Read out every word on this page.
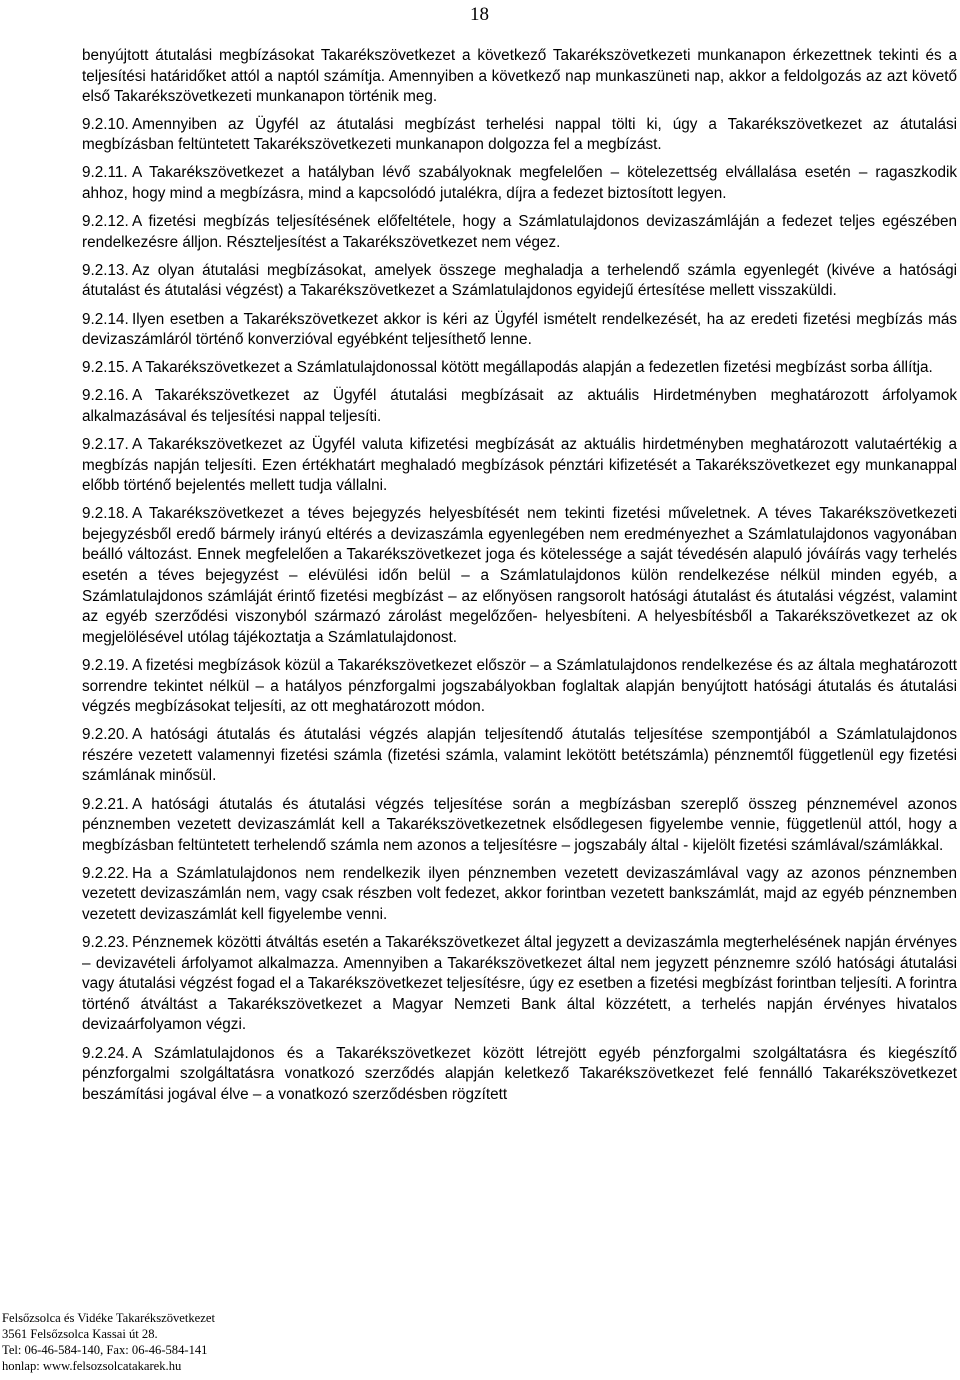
18

benyújtott átutalási megbízásokat Takarékszövetkezet a következő Takarékszövetkezeti munkanapon érkezettnek tekinti és a teljesítési határidőket attól a naptól számítja. Amennyiben a következő nap munkaszüneti nap, akkor a feldolgozás az azt követő első Takarékszövetkezeti munkanapon történik meg.

9.2.10. Amennyiben az Ügyfél az átutalási megbízást terhelési nappal tölti ki, úgy a Takarékszövetkezet az átutalási megbízásban feltüntetett Takarékszövetkezeti munkanapon dolgozza fel a megbízást.

9.2.11. A Takarékszövetkezet a hatályban lévő szabályoknak megfelelően – kötelezettség elvállalása esetén – ragaszkodik ahhoz, hogy mind a megbízásra, mind a kapcsolódó jutalékra, díjra a fedezet biztosított legyen.

9.2.12. A fizetési megbízás teljesítésének előfeltétele, hogy a Számlatulajdonos devizaszámláján a fedezet teljes egészében rendelkezésre álljon. Részteljesítést a Takarékszövetkezet nem végez.

9.2.13. Az olyan átutalási megbízásokat, amelyek összege meghaladja a terhelendő számla egyenlegét (kivéve a hatósági átutalást és átutalási végzést) a Takarékszövetkezet a Számlatulajdonos egyidejű értesítése mellett visszaküldi.

9.2.14. Ilyen esetben a Takarékszövetkezet akkor is kéri az Ügyfél ismételt rendelkezését, ha az eredeti fizetési megbízás más devizaszámláról történő konverzióval egyébként teljesíthető lenne.

9.2.15. A Takarékszövetkezet a Számlatulajdonossal kötött megállapodás alapján a fedezetlen fizetési megbízást sorba állítja.

9.2.16. A Takarékszövetkezet az Ügyfél átutalási megbízásait az aktuális Hirdetményben meghatározott árfolyamok alkalmazásával és teljesítési nappal teljesíti.

9.2.17. A Takarékszövetkezet az Ügyfél valuta kifizetési megbízását az aktuális hirdetményben meghatározott valutaértékig a megbízás napján teljesíti. Ezen értékhatárt meghaladó megbízások pénztári kifizetését a Takarékszövetkezet egy munkanappal előbb történő bejelentés mellett tudja vállalni.

9.2.18. A Takarékszövetkezet a téves bejegyzés helyesbítését nem tekinti fizetési műveletnek. A téves Takarékszövetkezeti bejegyzésből eredő bármely irányú eltérés a devizaszámla egyenlegében nem eredményezhet a Számlatulajdonos vagyonában beálló változást. Ennek megfelelően a Takarékszövetkezet joga és kötelessége a saját tévedésén alapuló jóváírás vagy terhelés esetén a téves bejegyzést – elévülési időn belül – a Számlatulajdonos külön rendelkezése nélkül minden egyéb, a Számlatulajdonos számláját érintő fizetési megbízást – az előnyösen rangsorolt hatósági átutalást és átutalási végzést, valamint az egyéb szerződési viszonyból származó zárolást megelőzően- helyesbíteni. A helyesbítésből a Takarékszövetkezet az ok megjelölésével utólag tájékoztatja a Számlatulajdonost.

9.2.19. A fizetési megbízások közül a Takarékszövetkezet először – a Számlatulajdonos rendelkezése és az általa meghatározott sorrendre tekintet nélkül – a hatályos pénzforgalmi jogszabályokban foglaltak alapján benyújtott hatósági átutalás és átutalási végzés megbízásokat teljesíti, az ott meghatározott módon.

9.2.20. A hatósági átutalás és átutalási végzés alapján teljesítendő átutalás teljesítése szempontjából a Számlatulajdonos részére vezetett valamennyi fizetési számla (fizetési számla, valamint lekötött betétszámla) pénznemtől függetlenül egy fizetési számlának minősül.

9.2.21. A hatósági átutalás és átutalási végzés teljesítése során a megbízásban szereplő összeg pénznemével azonos pénznemben vezetett devizaszámlát kell a Takarékszövetkezetnek elsődlegesen figyelembe vennie, függetlenül attól, hogy a megbízásban feltüntetett terhelendő számla nem azonos a teljesítésre – jogszabály által - kijelölt fizetési számlával/számlákkal.

9.2.22. Ha a Számlatulajdonos nem rendelkezik ilyen pénznemben vezetett devizaszámlával vagy az azonos pénznemben vezetett devizaszámlán nem, vagy csak részben volt fedezet, akkor forintban vezetett bankszámlát, majd az egyéb pénznemben vezetett devizaszámlát kell figyelembe venni.

9.2.23. Pénznemek közötti átváltás esetén a Takarékszövetkezet által jegyzett a devizaszámla megterhelésének napján érvényes – devizavételi árfolyamot alkalmazza. Amennyiben a Takarékszövetkezet által nem jegyzett pénznemre szóló hatósági átutalási vagy átutalási végzést fogad el a Takarékszövetkezet teljesítésre, úgy ez esetben a fizetési megbízást forintban teljesíti. A forintra történő átváltást a Takarékszövetkezet a Magyar Nemzeti Bank által közzétett, a terhelés napján érvényes hivatalos devizaárfolyamon végzi.

9.2.24. A Számlatulajdonos és a Takarékszövetkezet között létrejött egyéb pénzforgalmi szolgáltatásra és kiegészítő pénzforgalmi szolgáltatásra vonatkozó szerződés alapján keletkező Takarékszövetkezet felé fennálló Takarékszövetkezet beszámítási jogával élve – a vonatkozó szerződésben rögzített

Felsőzsolca és Vidéke Takarékszövetkezet
3561 Felsőzsolca Kassai út 28.
Tel: 06-46-584-140, Fax: 06-46-584-141
honlap: www.felsozsolcatakarek.hu
